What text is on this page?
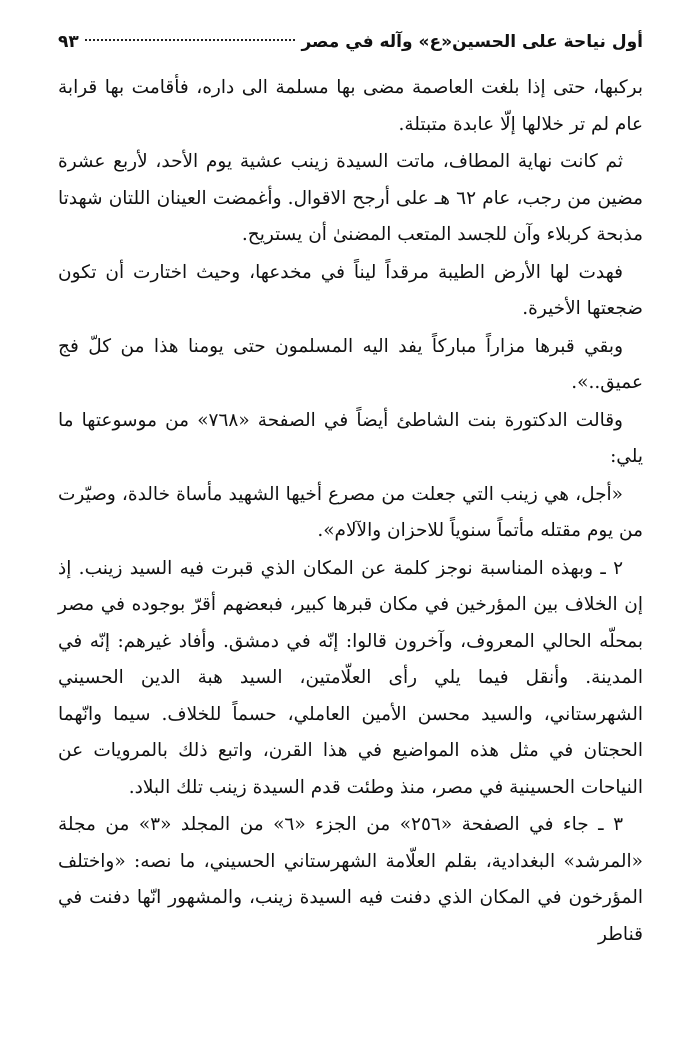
أول نياحة على الحسين«ع» وآله في مصر
٩٣

بركبها، حتى إذا بلغت العاصمة مضى بها مسلمة الى داره، فأقامت بها قرابة عام لم تر خلالها إلّا عابدة متبتلة.

ثم كانت نهاية المطاف، ماتت السيدة زينب عشية يوم الأحد، لأربع عشرة مضين من رجب، عام ٦٢ هـ على أرجح الاقوال. وأغمضت العينان اللتان شهدتا مذبحة كربلاء وآن للجسد المتعب المضنىٰ أن يستريح.

فهدت لها الأرض الطيبة مرقداً ليناً في مخدعها، وحيث اختارت أن تكون ضجعتها الأخيرة.

وبقي قبرها مزاراً مباركاً يفد اليه المسلمون حتى يومنا هذا من كلّ فج عميق..».

وقالت الدكتورة بنت الشاطئ أيضاً في الصفحة «٧٦٨» من موسوعتها ما يلي:

«أجل، هي زينب التي جعلت من مصرع أخيها الشهيد مأساة خالدة، وصيّرت من يوم مقتله مأتماً سنوياً للاحزان والآلام».

٢ ـ وبهذه المناسبة نوجز كلمة عن المكان الذي قبرت فيه السيد زينب. إذ إن الخلاف بين المؤرخين في مكان قبرها كبير، فبعضهم أقرّ بوجوده في مصر بمحلّه الحالي المعروف، وآخرون قالوا: إنّه في دمشق. وأفاد غيرهم: إنّه في المدينة. وأنقل فيما يلي رأى العلّامتين، السيد هبة الدين الحسيني الشهرستاني، والسيد محسن الأمين العاملي، حسماً للخلاف. سيما وانّهما الحجتان في مثل هذه المواضيع في هذا القرن، واتبع ذلك بالمرويات عن النياحات الحسينية في مصر، منذ وطئت قدم السيدة زينب تلك البلاد.

٣ ـ جاء في الصفحة «٢٥٦» من الجزء «٦» من المجلد «٣» من مجلة «المرشد» البغدادية، بقلم العلّامة الشهرستاني الحسيني، ما نصه: «واختلف المؤرخون في المكان الذي دفنت فيه السيدة زينب، والمشهور انّها دفنت في قناطر
